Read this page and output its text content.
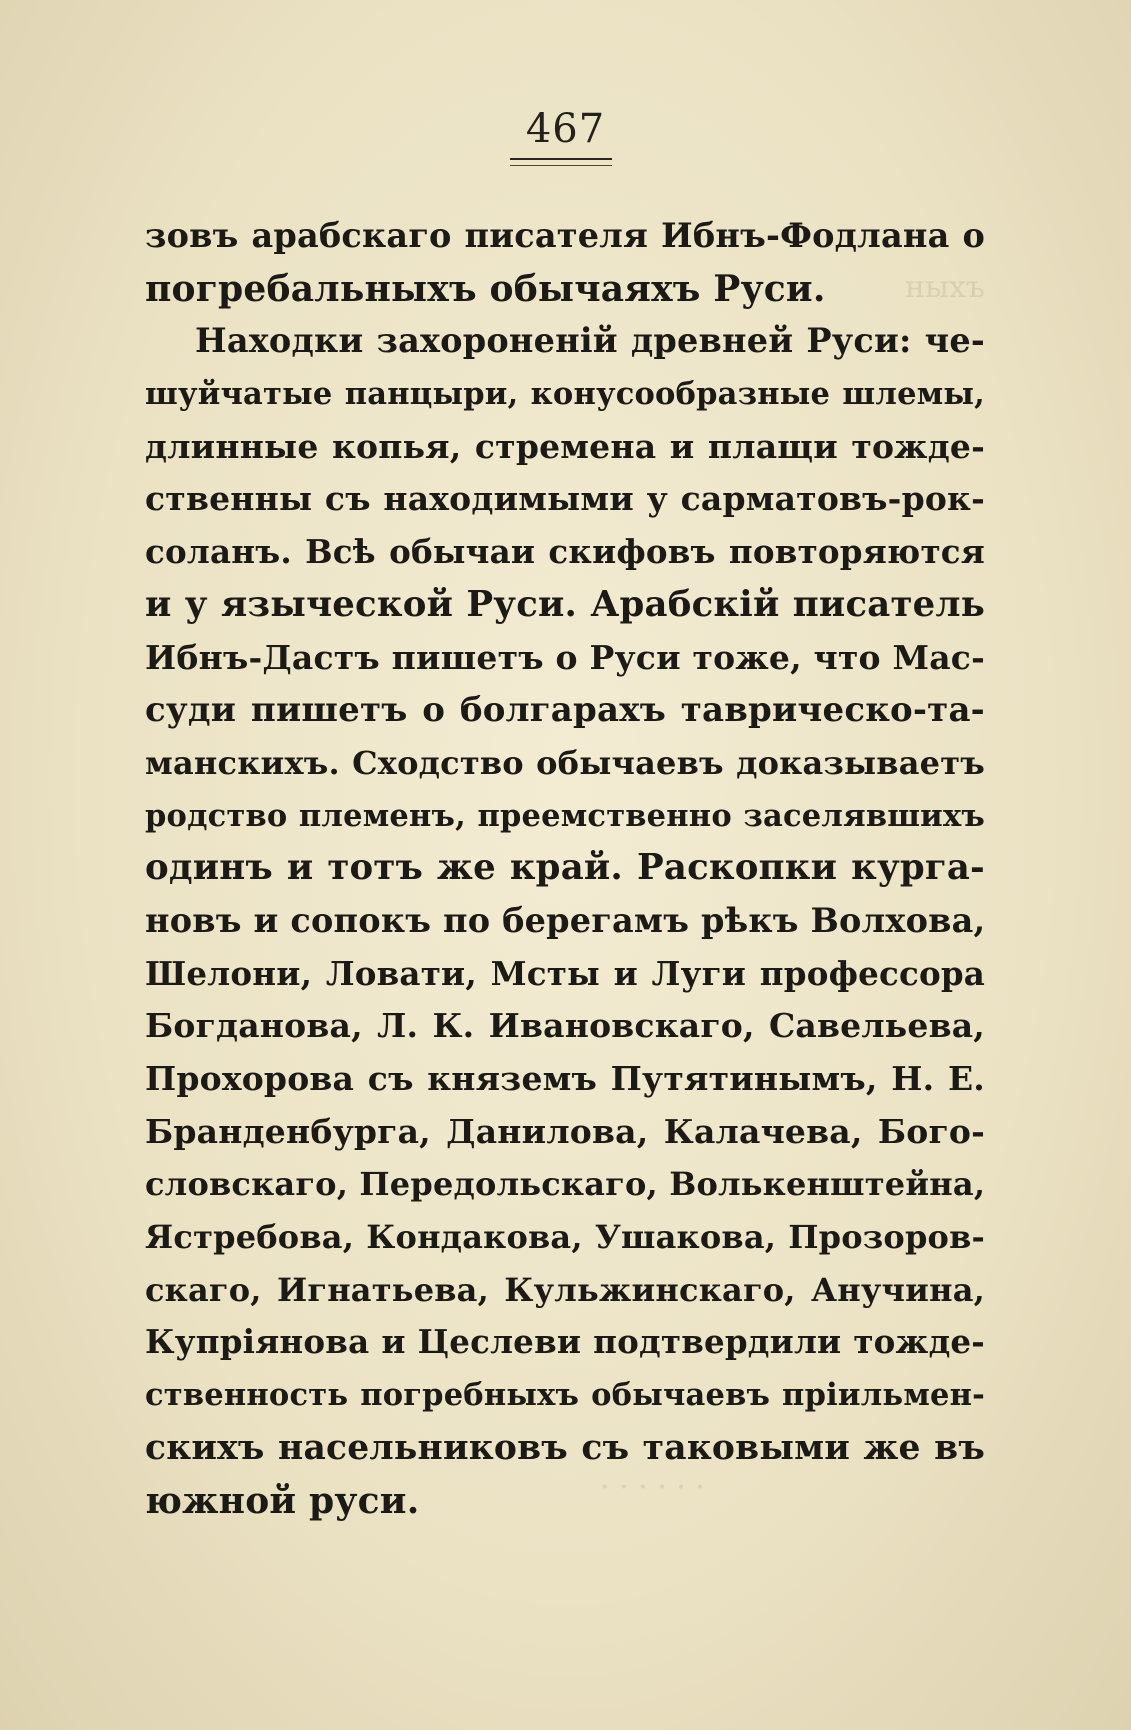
ныхъ
· · · · · ·
467
зовъ арабскаго писателя Ибнъ-Фодлана о
погребальныхъ обычаяхъ Руси.
Находки захороненій древней Руси: че-
шуйчатые панцыри, конусообразные шлемы,
длинные копья, стремена и плащи тожде-
ственны съ находимыми у сарматовъ-рок-
соланъ. Всѣ обычаи скифовъ повторяются
и у языческой Руси. Арабскій писатель
Ибнъ-Дастъ пишетъ о Руси тоже, что Мас-
суди пишетъ о болгарахъ таврическо-та-
манскихъ. Сходство обычаевъ доказываетъ
родство племенъ, преемственно заселявшихъ
одинъ и тотъ же край. Раскопки курга-
новъ и сопокъ по берегамъ рѣкъ Волхова,
Шелони, Ловати, Мсты и Луги профессора
Богданова, Л. К. Ивановскаго, Савельева,
Прохорова съ княземъ Путятинымъ, Н. Е.
Бранденбурга, Данилова, Калачева, Бого-
словскаго, Передольскаго, Волькенштейна,
Ястребова, Кондакова, Ушакова, Прозоров-
скаго, Игнатьева, Кульжинскаго, Анучина,
Купріянова и Цеслеви подтвердили тожде-
ственность погребныхъ обычаевъ пріильмен-
скихъ насельниковъ съ таковыми же въ
южной руси.
